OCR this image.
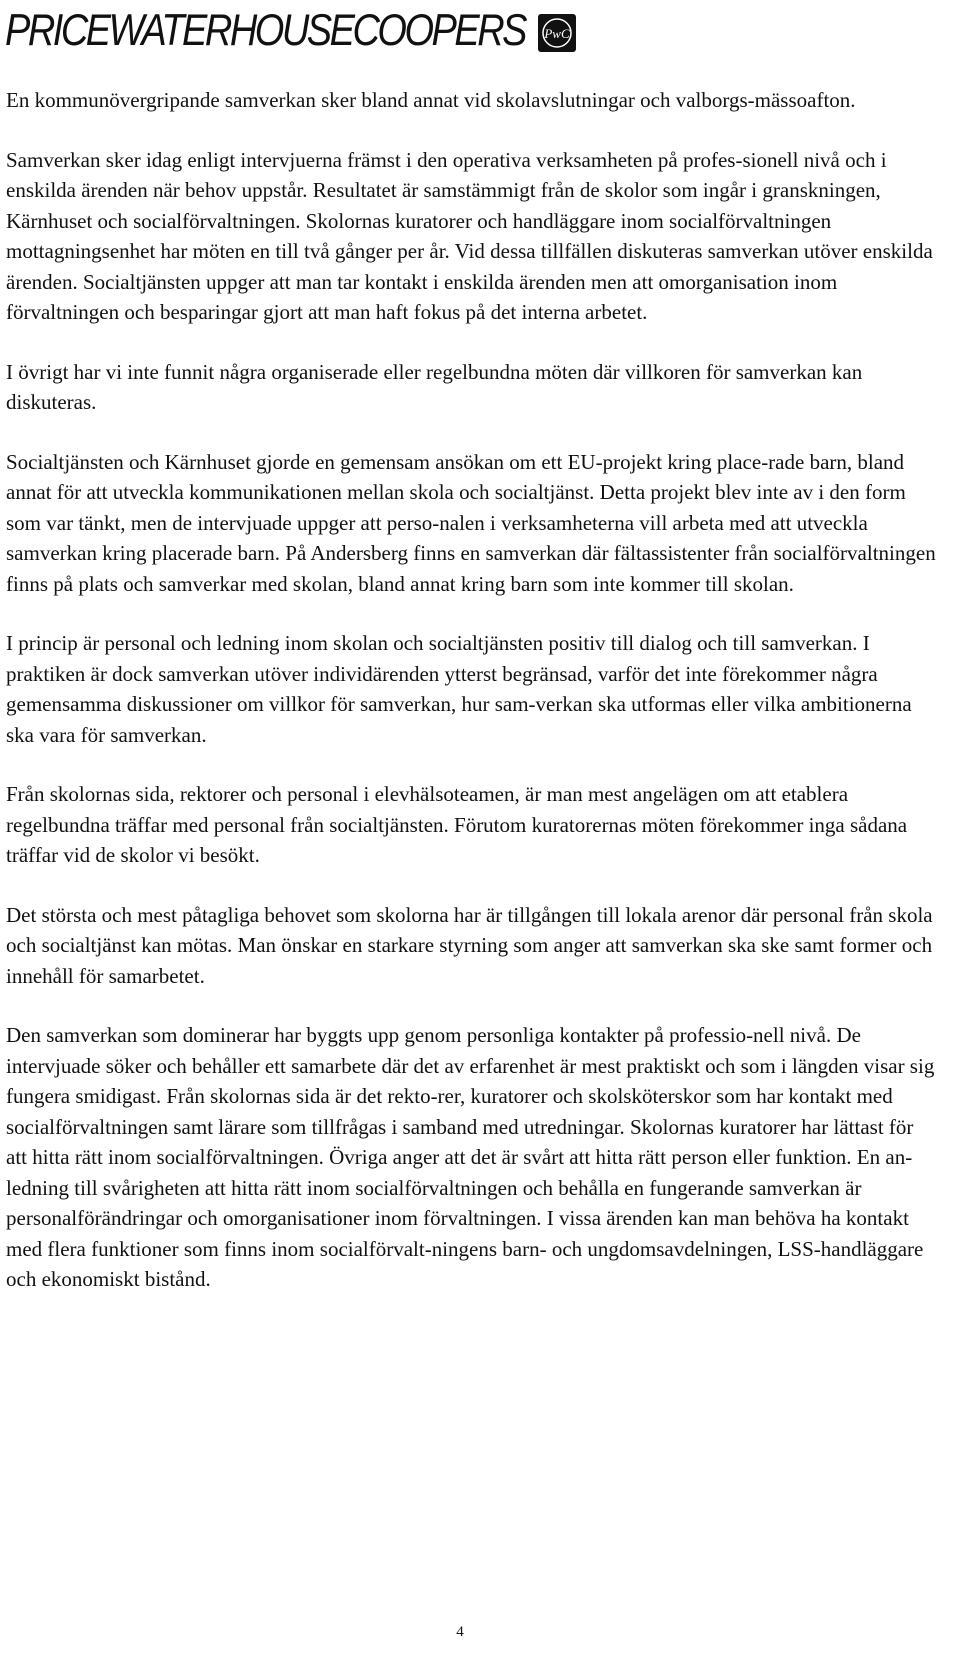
PRICEWATERHOUSECOOPERS PwC

En kommunövergripande samverkan sker bland annat vid skolavslutningar och valborgs-mässoafton.

Samverkan sker idag enligt intervjuerna främst i den operativa verksamheten på profes-sionell nivå och i enskilda ärenden när behov uppstår. Resultatet är samstämmigt från de skolor som ingår i granskningen, Kärnhuset och socialförvaltningen. Skolornas kuratorer och handläggare inom socialförvaltningen mottagningsenhet har möten en till två gånger per år. Vid dessa tillfällen diskuteras samverkan utöver enskilda ärenden. Socialtjänsten uppger att man tar kontakt i enskilda ärenden men att omorganisation inom förvaltningen och besparingar gjort att man haft fokus på det interna arbetet.

I övrigt har vi inte funnit några organiserade eller regelbundna möten där villkoren för samverkan kan diskuteras.

Socialtjänsten och Kärnhuset gjorde en gemensam ansökan om ett EU-projekt kring place-rade barn, bland annat för att utveckla kommunikationen mellan skola och socialtjänst. Detta projekt blev inte av i den form som var tänkt, men de intervjuade uppger att perso-nalen i verksamheterna vill arbeta med att utveckla samverkan kring placerade barn. På Andersberg finns en samverkan där fältassistenter från socialförvaltningen finns på plats och samverkar med skolan, bland annat kring barn som inte kommer till skolan.

I princip är personal och ledning inom skolan och socialtjänsten positiv till dialog och till samverkan. I praktiken är dock samverkan utöver individärenden ytterst begränsad, varför det inte förekommer några gemensamma diskussioner om villkor för samverkan, hur sam-verkan ska utformas eller vilka ambitionerna ska vara för samverkan.

Från skolornas sida, rektorer och personal i elevhälsoteamen, är man mest angelägen om att etablera regelbundna träffar med personal från socialtjänsten. Förutom kuratorernas möten förekommer inga sådana träffar vid de skolor vi besökt.

Det största och mest påtagliga behovet som skolorna har är tillgången till lokala arenor där personal från skola och socialtjänst kan mötas. Man önskar en starkare styrning som anger att samverkan ska ske samt former och innehåll för samarbetet.

Den samverkan som dominerar har byggts upp genom personliga kontakter på professio-nell nivå. De intervjuade söker och behåller ett samarbete där det av erfarenhet är mest praktiskt och som i längden visar sig fungera smidigast. Från skolornas sida är det rekto-rer, kuratorer och skolsköterskor som har kontakt med socialförvaltningen samt lärare som tillfrågas i samband med utredningar. Skolornas kuratorer har lättast för att hitta rätt inom socialförvaltningen. Övriga anger att det är svårt att hitta rätt person eller funktion. En an-ledning till svårigheten att hitta rätt inom socialförvaltningen och behålla en fungerande samverkan är personalförändringar och omorganisationer inom förvaltningen. I vissa ärenden kan man behöva ha kontakt med flera funktioner som finns inom socialförvalt-ningens barn- och ungdomsavdelningen, LSS-handläggare och ekonomiskt bistånd.

4
